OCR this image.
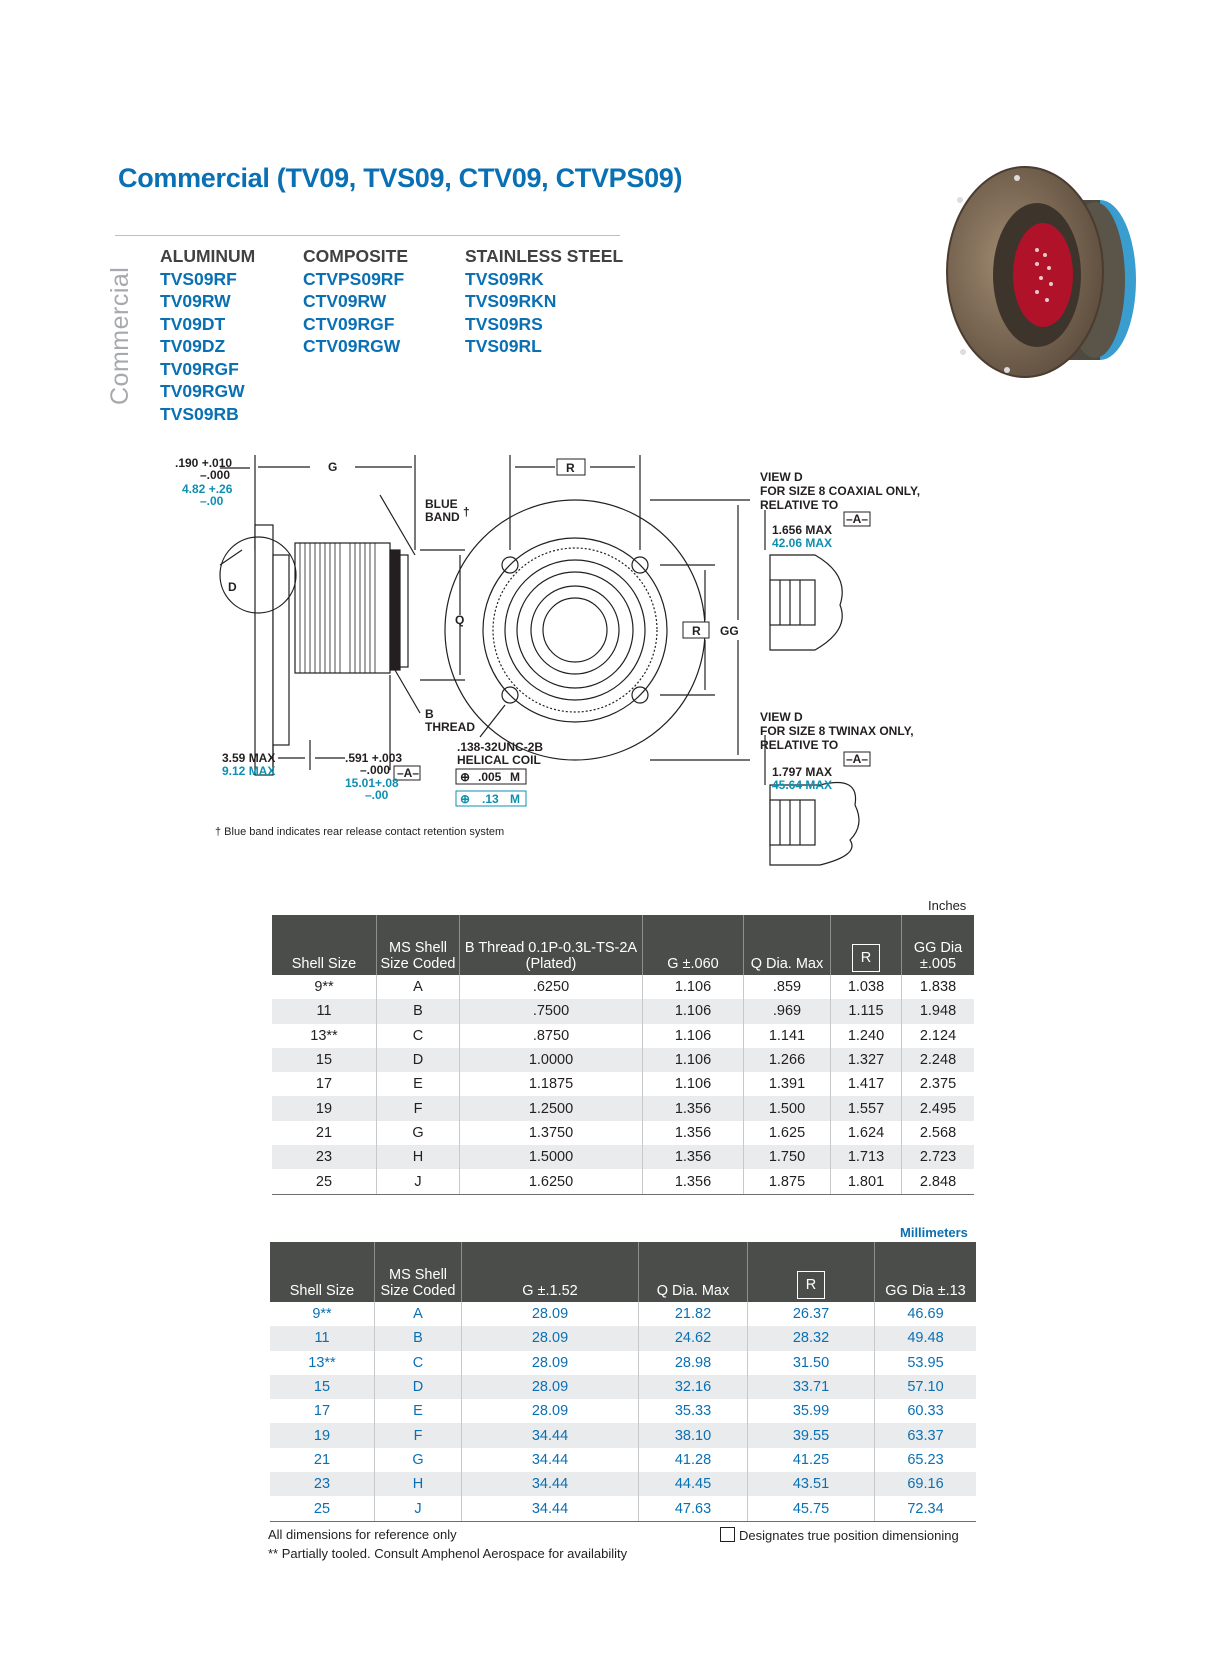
Commercial (TV09, TVS09, CTV09, CTVPS09)
Commercial
ALUMINUM
TVS09RF
TV09RW
TV09DT
TV09DZ
TV09RGF
TV09RGW
TVS09RB
COMPOSITE
CTVPS09RF
CTV09RW
CTV09RGF
CTV09RGW
STAINLESS STEEL
TVS09RK
TVS09RKN
TVS09RS
TVS09RL
.190 +.010
–.000
4.82 +.26
–.00
G
BLUE
BAND †
D
Q
B
THREAD
3.59 MAX
9.12 MAX
.591 +.003
–.000
15.01+.08
–.00
–A–
R
R GG
.138-32UNC-2B
HELICAL COIL
⊕ .005 M
⊕ .13 M
VIEW D
FOR SIZE 8 COAXIAL ONLY,
RELATIVE TO
–A–
1.656 MAX
42.06 MAX
VIEW D
FOR SIZE 8 TWINAX ONLY,
RELATIVE TO
–A–
1.797 MAX
45.64 MAX
† Blue band indicates rear release contact retention system
Inches
Shell Size	MS Shell Size Coded	B Thread 0.1P-0.3L-TS-2A (Plated)	G ±.060	Q Dia. Max	R	GG Dia ±.005
9**	A	.6250	1.106	.859	1.038	1.838
11	B	.7500	1.106	.969	1.115	1.948
13**	C	.8750	1.106	1.141	1.240	2.124
15	D	1.0000	1.106	1.266	1.327	2.248
17	E	1.1875	1.106	1.391	1.417	2.375
19	F	1.2500	1.356	1.500	1.557	2.495
21	G	1.3750	1.356	1.625	1.624	2.568
23	H	1.5000	1.356	1.750	1.713	2.723
25	J	1.6250	1.356	1.875	1.801	2.848
Millimeters
Shell Size	MS Shell Size Coded	G ±.1.52	Q Dia. Max	R	GG Dia ±.13
9**	A	28.09	21.82	26.37	46.69
11	B	28.09	24.62	28.32	49.48
13**	C	28.09	28.98	31.50	53.95
15	D	28.09	32.16	33.71	57.10
17	E	28.09	35.33	35.99	60.33
19	F	34.44	38.10	39.55	63.37
21	G	34.44	41.28	41.25	65.23
23	H	34.44	44.45	43.51	69.16
25	J	34.44	47.63	45.75	72.34
All dimensions for reference only
** Partially tooled. Consult Amphenol Aerospace for availability
Designates true position dimensioning
